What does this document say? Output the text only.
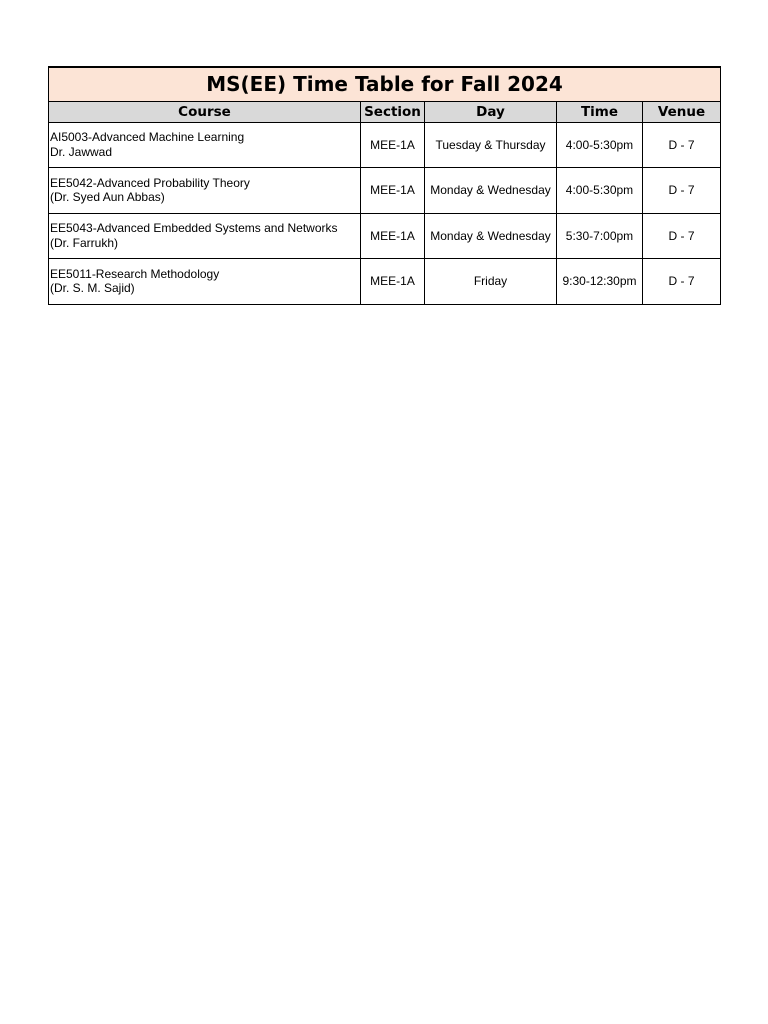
MS(EE) Time Table for Fall 2024				
Course	Section	Day	Time	Venue

AI5003-Advanced Machine Learning
Dr. Jawwad	MEE-1A	Tuesday & Thursday	4:00-5:30pm	D - 7

EE5042-Advanced Probability Theory
(Dr. Syed Aun Abbas)	MEE-1A	Monday & Wednesday	4:00-5:30pm	D - 7

EE5043-Advanced Embedded Systems and Networks
(Dr. Farrukh)	MEE-1A	Monday & Wednesday	5:30-7:00pm	D - 7

EE5011-Research Methodology
(Dr. S. M. Sajid)	MEE-1A	Friday	9:30-12:30pm	D - 7
